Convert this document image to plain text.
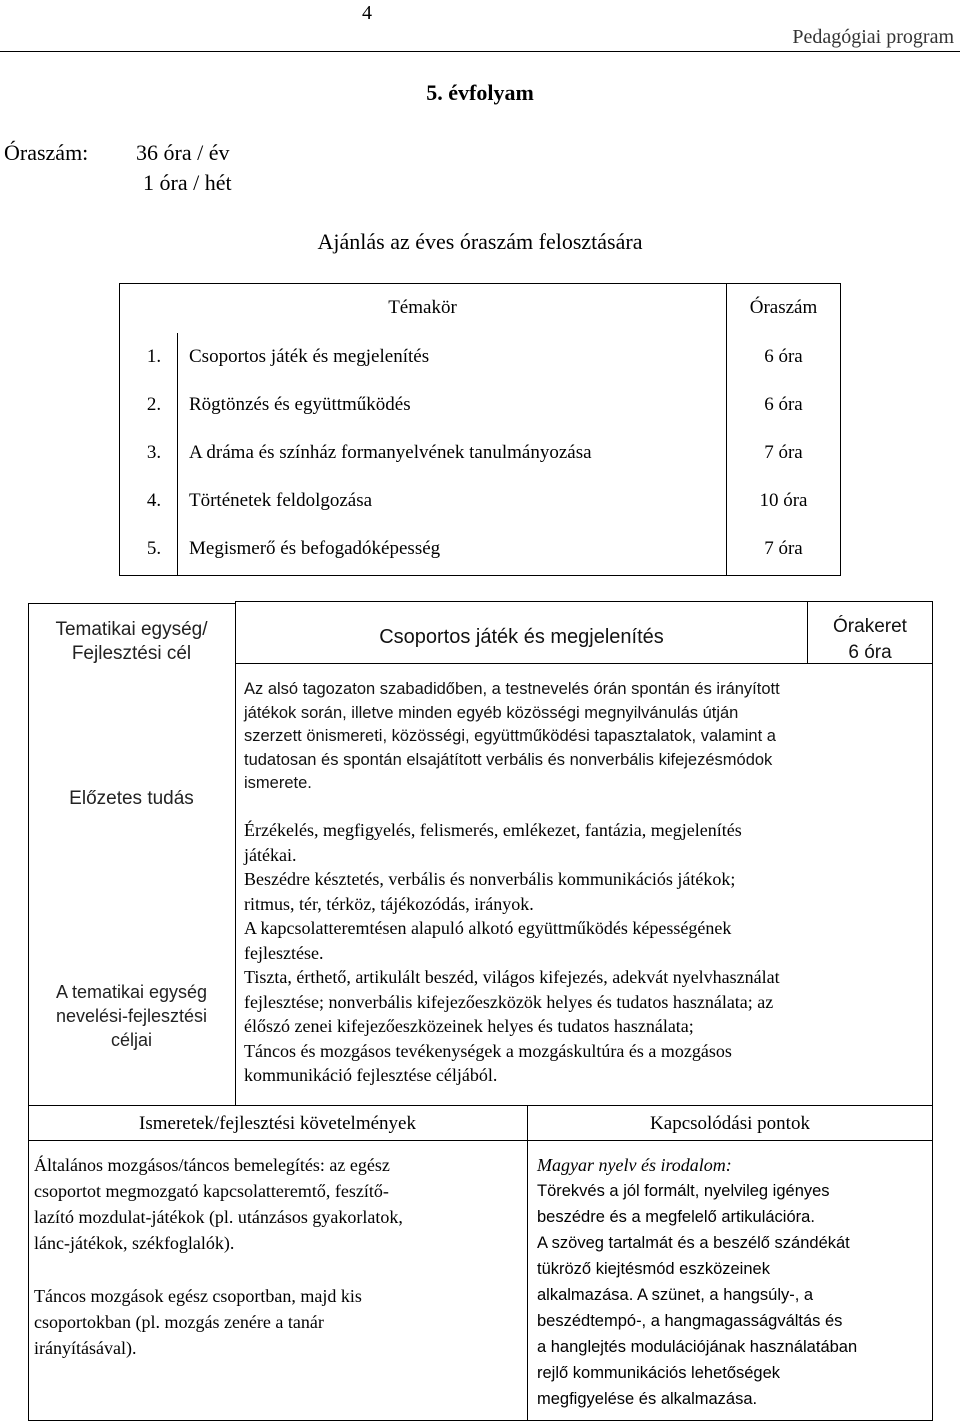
4
Pedagógiai program
5. évfolyam
Óraszám: 36 óra / év
1 óra / hét
Ajánlás az éves óraszám felosztására
Témakör		Óraszám
1.	Csoportos játék és megjelenítés	6 óra
2.	Rögtönzés és együttműködés	6 óra
3.	A dráma és színház formanyelvének tanulmányozása	7 óra
4.	Történetek feldolgozása	10 óra
5.	Megismerő és befogadóképesség	7 óra
Tematikai egység/
Fejlesztési cél
Csoportos játék és megjelenítés	Órakeret
6 óra
Előzetes tudás
Az alsó tagozaton szabadidőben, a testnevelés órán spontán és irányított
játékok során, illetve minden egyéb közösségi megnyilvánulás útján
szerzett önismereti, közösségi, együttműködési tapasztalatok, valamint a
tudatosan és spontán elsajátított verbális és nonverbális kifejezésmódok
ismerete.
A tematikai egység
nevelési-fejlesztési
céljai
Érzékelés, megfigyelés, felismerés, emlékezet, fantázia, megjelenítés
játékai.
Beszédre késztetés, verbális és nonverbális kommunikációs játékok;
ritmus, tér, térköz, tájékozódás, irányok.
A kapcsolatteremtésen alapuló alkotó együttműködés képességének
fejlesztése.
Tiszta, érthető, artikulált beszéd, világos kifejezés, adekvát nyelvhasználat
fejlesztése; nonverbális kifejezőeszközök helyes és tudatos használata; az
élőszó zenei kifejezőeszközeinek helyes és tudatos használata;
Táncos és mozgásos tevékenységek a mozgáskultúra és a mozgásos
kommunikáció fejlesztése céljából.
Ismeretek/fejlesztési követelmények	Kapcsolódási pontok
Általános mozgásos/táncos bemelegítés: az egész
csoportot megmozgató kapcsolatteremtő, feszítő-
lazító mozdulat-játékok (pl. utánzásos gyakorlatok,
lánc-játékok, székfoglalók).
Táncos mozgások egész csoportban, majd kis
csoportokban (pl. mozgás zenére a tanár
irányításával).
Magyar nyelv és irodalom:
Törekvés a jól formált, nyelvileg igényes
beszédre és a megfelelő artikulációra.
A szöveg tartalmát és a beszélő szándékát
tükröző kiejtésmód eszközeinek
alkalmazása. A szünet, a hangsúly-, a
beszédtempó-, a hangmagasságváltás és
a hanglejtés modulációjának használatában
rejlő kommunikációs lehetőségek
megfigyelése és alkalmazása.
